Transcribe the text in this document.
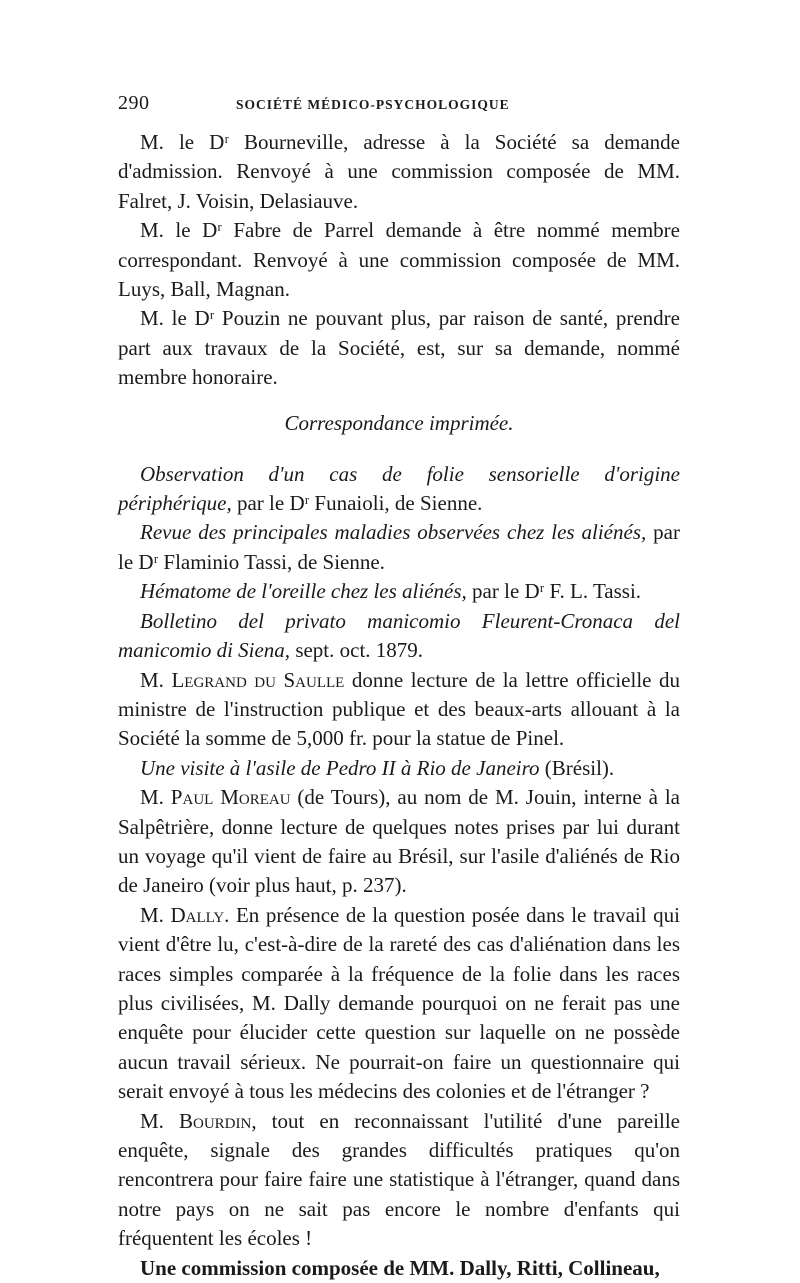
290	SOCIÉTÉ MÉDICO-PSYCHOLOGIQUE

M. le Dʳ Bourneville, adresse à la Société sa demande d'admission. Renvoyé à une commission composée de MM. Falret, J. Voisin, Delasiauve.

M. le Dʳ Fabre de Parrel demande à être nommé membre correspondant. Renvoyé à une commission composée de MM. Luys, Ball, Magnan.

M. le Dʳ Pouzin ne pouvant plus, par raison de santé, prendre part aux travaux de la Société, est, sur sa demande, nommé membre honoraire.

Correspondance imprimée.

Observation d'un cas de folie sensorielle d'origine périphérique, par le Dʳ Funaioli, de Sienne.

Revue des principales maladies observées chez les aliénés, par le Dʳ Flaminio Tassi, de Sienne.

Hématome de l'oreille chez les aliénés, par le Dʳ F. L. Tassi.

Bolletino del privato manicomio Fleurent-Cronaca del manicomio di Siena, sept. oct. 1879.

M. Legrand du Saulle donne lecture de la lettre officielle du ministre de l'instruction publique et des beaux-arts allouant à la Société la somme de 5,000 fr. pour la statue de Pinel.

Une visite à l'asile de Pedro II à Rio de Janeiro (Brésil).

M. Paul Moreau (de Tours), au nom de M. Jouin, interne à la Salpêtrière, donne lecture de quelques notes prises par lui durant un voyage qu'il vient de faire au Brésil, sur l'asile d'aliénés de Rio de Janeiro (voir plus haut, p. 237).

M. Dally. En présence de la question posée dans le travail qui vient d'être lu, c'est-à-dire de la rareté des cas d'aliénation dans les races simples comparée à la fréquence de la folie dans les races plus civilisées, M. Dally demande pourquoi on ne ferait pas une enquête pour élucider cette question sur laquelle on ne possède aucun travail sérieux. Ne pourrait-on faire un questionnaire qui serait envoyé à tous les médecins des colonies et de l'étranger ?

M. Bourdin, tout en reconnaissant l'utilité d'une pareille enquête, signale des grandes difficultés pratiques qu'on rencontrera pour faire faire une statistique à l'étranger, quand dans notre pays on ne sait pas encore le nombre d'enfants qui fréquentent les écoles !

Une commission composée de MM. Dally, Ritti, Collineau,
